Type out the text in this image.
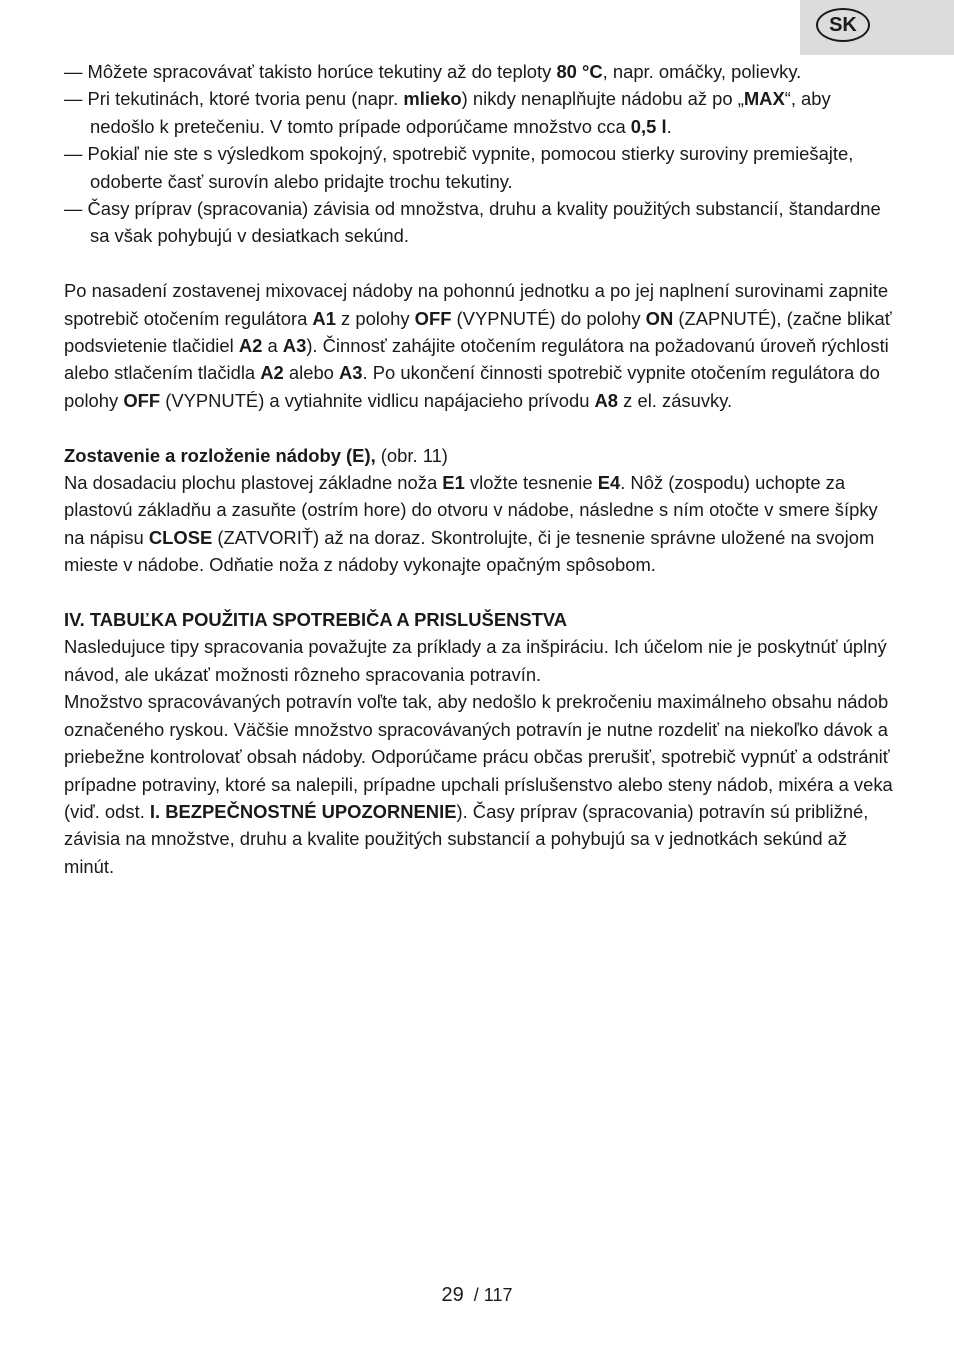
SK
— Môžete spracovávať takisto horúce tekutiny až do teploty 80 °C, napr. omáčky, polievky.
— Pri tekutinách, ktoré tvoria penu (napr. mlieko) nikdy nenaplňujte nádobu až po „MAX“, aby nedošlo k pretečeniu. V tomto prípade odporúčame množstvo cca 0,5 l.
— Pokiaľ nie ste s výsledkom spokojný, spotrebič vypnite, pomocou stierky suroviny premiešajte, odoberte časť surovín alebo pridajte trochu tekutiny.
— Časy príprav (spracovania) závisia od množstva, druhu a kvality použitých substancií, štandardne sa však pohybujú v desiatkach sekúnd.
Po nasadení zostavenej mixovacej nádoby na pohonnú jednotku a po jej naplnení surovinami zapnite spotrebič otočením regulátora A1 z polohy OFF (VYPNUTÉ) do polohy ON (ZAPNUTÉ), (začne blikať podsvietenie tlačidiel A2 a A3). Činnosť zahájite otočením regulátora na požadovanú úroveň rýchlosti alebo stlačením tlačidla A2 alebo A3. Po ukončení činnosti spotrebič vypnite otočením regulátora do polohy OFF (VYPNUTÉ) a vytiahnite vidlicu napájacieho prívodu A8 z el. zásuvky.
Zostavenie a rozloženie nádoby (E), (obr. 11)
Na dosadaciu plochu plastovej základne noža E1 vložte tesnenie E4. Nôž (zospodu) uchopte za plastovú základňu a zasuňte (ostrím hore) do otvoru v nádobe, následne s ním otočte v smere šípky na nápisu CLOSE (ZATVORIŤ) až na doraz. Skontrolujte, či je tesnenie správne uložené na svojom mieste v nádobe. Odňatie noža z nádoby vykonajte opačným spôsobom.
IV. TABUĽKA POUŽITIA SPOTREBIČA A PRISLUŠENSTVA
Nasledujuce tipy spracovania považujte za príklady a za inšpiráciu. Ich účelom nie je poskytnúť úplný návod, ale ukázať možnosti rôzneho spracovania potravín.
Množstvo spracovávaných potravín voľte tak, aby nedošlo k prekročeniu maximálneho obsahu nádob označeného ryskou. Väčšie množstvo spracovávaných potravín je nutne rozdeliť na niekoľko dávok a priebežne kontrolovať obsah nádoby. Odporúčame prácu občas prerušiť, spotrebič vypnúť a odstrániť prípadne potraviny, ktoré sa nalepili, prípadne upchali príslušenstvo alebo steny nádob, mixéra a veka (viď. odst. I. BEZPEČNOSTNÉ UPOZORNENIE). Časy príprav (spracovania) potravín sú približné, závisia na množstve, druhu a kvalite použitých substancií a pohybujú sa v jednotkách sekúnd až minút.
29 / 117
